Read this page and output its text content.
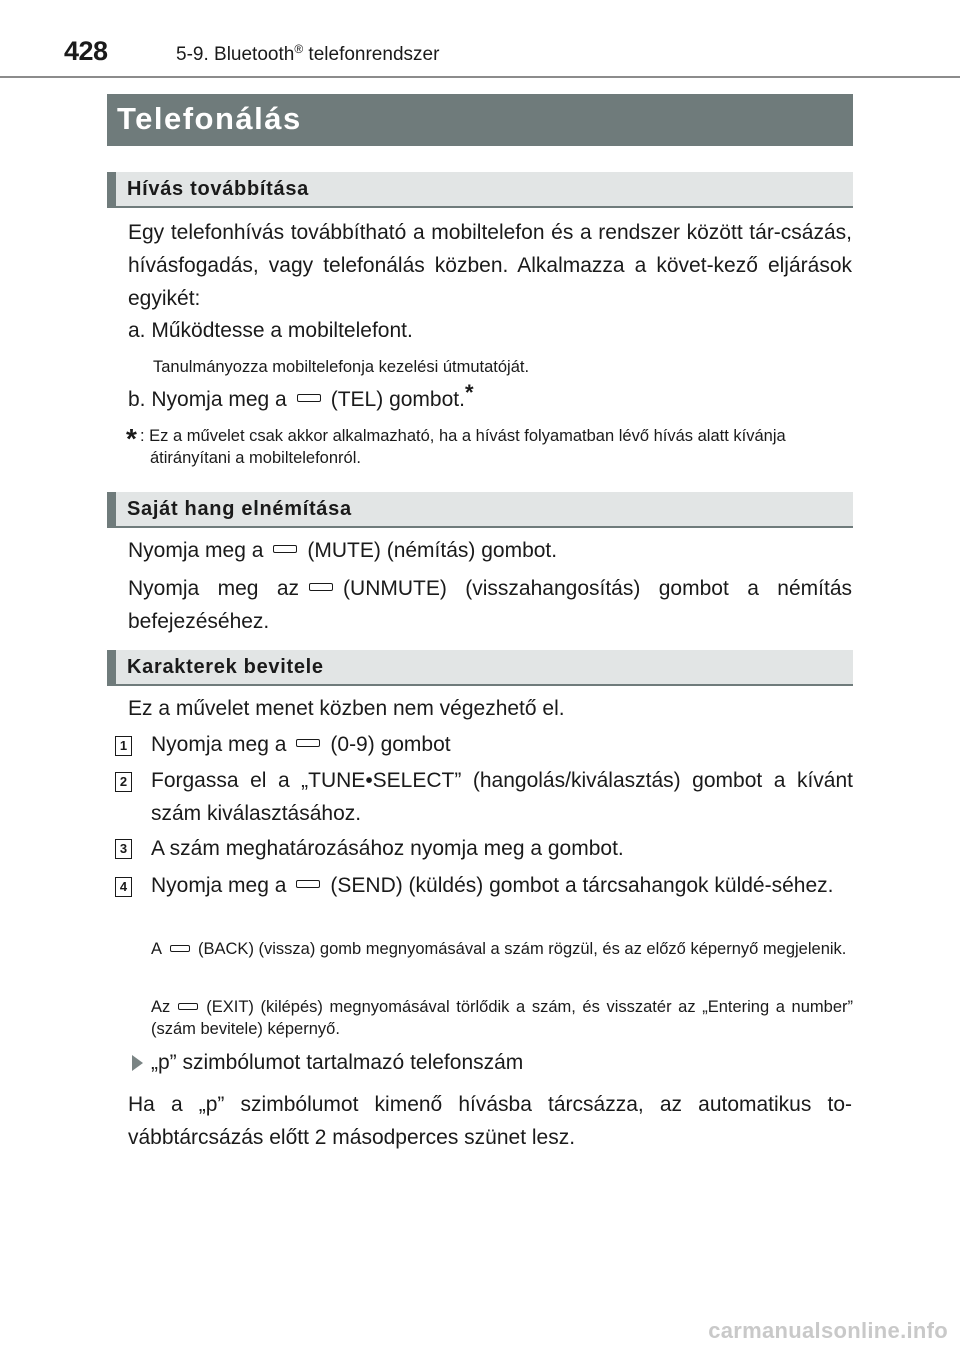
428	5-9. Bluetooth® telefonrendszer
Telefonálás
Hívás továbbítása
Egy telefonhívás továbbítható a mobiltelefon és a rendszer között tár-csázás, hívásfogadás, vagy telefonálás közben. Alkalmazza a követ-kező eljárások egyikét:
a. Működtesse a mobiltelefont.
Tanulmányozza mobiltelefonja kezelési útmutatóját.
b. Nyomja meg a (TEL) gombot.*
* : Ez a művelet csak akkor alkalmazható, ha a hívást folyamatban lévő hívás alatt kívánja átirányítani a mobiltelefonról.
Saját hang elnémítása
Nyomja meg a (MUTE) (némítás) gombot.
Nyomja meg az (UNMUTE) (visszahangosítás) gombot a némítás befejezéséhez.
Karakterek bevitele
Ez a művelet menet közben nem végezhető el.
1 Nyomja meg a (0-9) gombot
2 Forgassa el a „TUNE•SELECT” (hangolás/kiválasztás) gombot a kívánt szám kiválasztásához.
3 A szám meghatározásához nyomja meg a gombot.
4 Nyomja meg a (SEND) (küldés) gombot a tárcsahangok küldé-séhez.
A (BACK) (vissza) gomb megnyomásával a szám rögzül, és az előző képernyő megjelenik.
Az (EXIT) (kilépés) megnyomásával törlődik a szám, és visszatér az „Entering a number” (szám bevitele) képernyő.
„p” szimbólumot tartalmazó telefonszám
Ha a „p” szimbólumot kimenő hívásba tárcsázza, az automatikus to-vábbtárcsázás előtt 2 másodperces szünet lesz.
carmanualsonline.info
